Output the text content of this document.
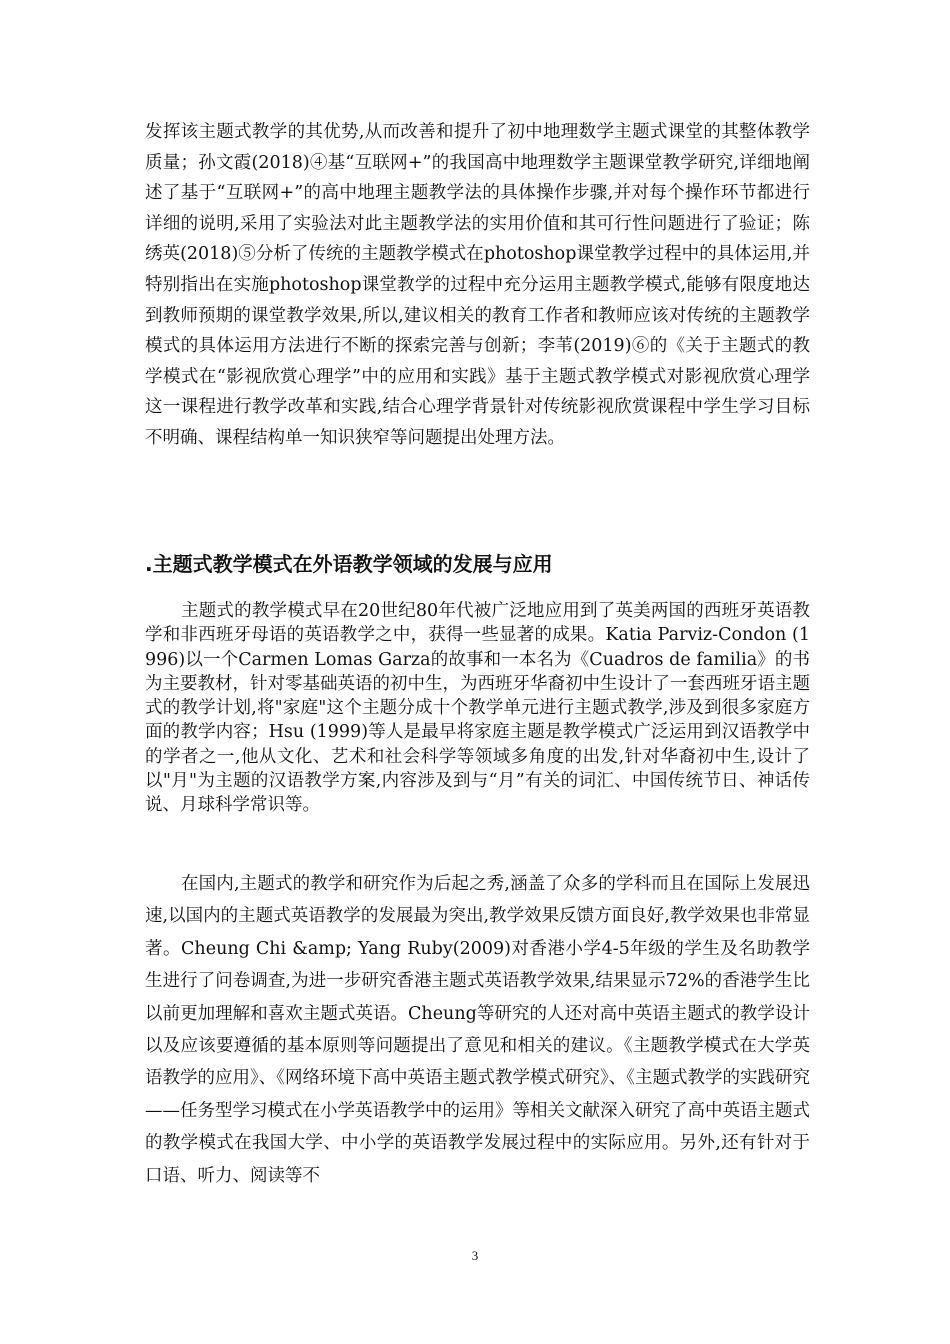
发挥该主题式教学的其优势,从而改善和提升了初中地理数学主题式课堂的其整体教学质量；孙文霞(2018)④基“互联网+”的我国高中地理数学主题课堂教学研究,详细地阐述了基于“互联网+”的高中地理主题教学法的具体操作步骤,并对每个操作环节都进行详细的说明,采用了实验法对此主题教学法的实用价值和其可行性问题进行了验证；陈绣英(2018)⑤分析了传统的主题教学模式在photoshop课堂教学过程中的具体运用,并特别指出在实施photoshop课堂教学的过程中充分运用主题教学模式,能够有限度地达到教师预期的课堂教学效果,所以,建议相关的教育工作者和教师应该对传统的主题教学模式的具体运用方法进行不断的探索完善与创新；李苇(2019)⑥的《关于主题式的教学模式在“影视欣赏心理学”中的应用和实践》基于主题式教学模式对影视欣赏心理学这一课程进行教学改革和实践,结合心理学背景针对传统影视欣赏课程中学生学习目标不明确、课程结构单一知识狭窄等问题提出处理方法。

.主题式教学模式在外语教学领域的发展与应用

主题式的教学模式早在20世纪80年代被广泛地应用到了英美两国的西班牙英语教学和非西班牙母语的英语教学之中，获得一些显著的成果。Katia Parviz-Condon (1996)以一个Carmen Lomas Garza的故事和一本名为《Cuadros de familia》的书为主要教材，针对零基础英语的初中生，为西班牙华裔初中生设计了一套西班牙语主题式的教学计划,将"家庭"这个主题分成十个教学单元进行主题式教学,涉及到很多家庭方面的教学内容；Hsu (1999)等人是最早将家庭主题是教学模式广泛运用到汉语教学中的学者之一,他从文化、艺术和社会科学等领域多角度的出发,针对华裔初中生,设计了以"月"为主题的汉语教学方案,内容涉及到与“月”有关的词汇、中国传统节日、神话传说、月球科学常识等。

在国内,主题式的教学和研究作为后起之秀,涵盖了众多的学科而且在国际上发展迅速,以国内的主题式英语教学的发展最为突出,教学效果反馈方面良好,教学效果也非常显著。Cheung Chi &amp; Yang Ruby(2009)对香港小学4-5年级的学生及名助教学生进行了问卷调查,为进一步研究香港主题式英语教学效果,结果显示72%的香港学生比以前更加理解和喜欢主题式英语。Cheung等研究的人还对高中英语主题式的教学设计以及应该要遵循的基本原则等问题提出了意见和相关的建议。《主题教学模式在大学英语教学的应用》、《网络环境下高中英语主题式教学模式研究》、《主题式教学的实践研究——任务型学习模式在小学英语教学中的运用》等相关文献深入研究了高中英语主题式的教学模式在我国大学、中小学的英语教学发展过程中的实际应用。另外,还有针对于口语、听力、阅读等不

3
